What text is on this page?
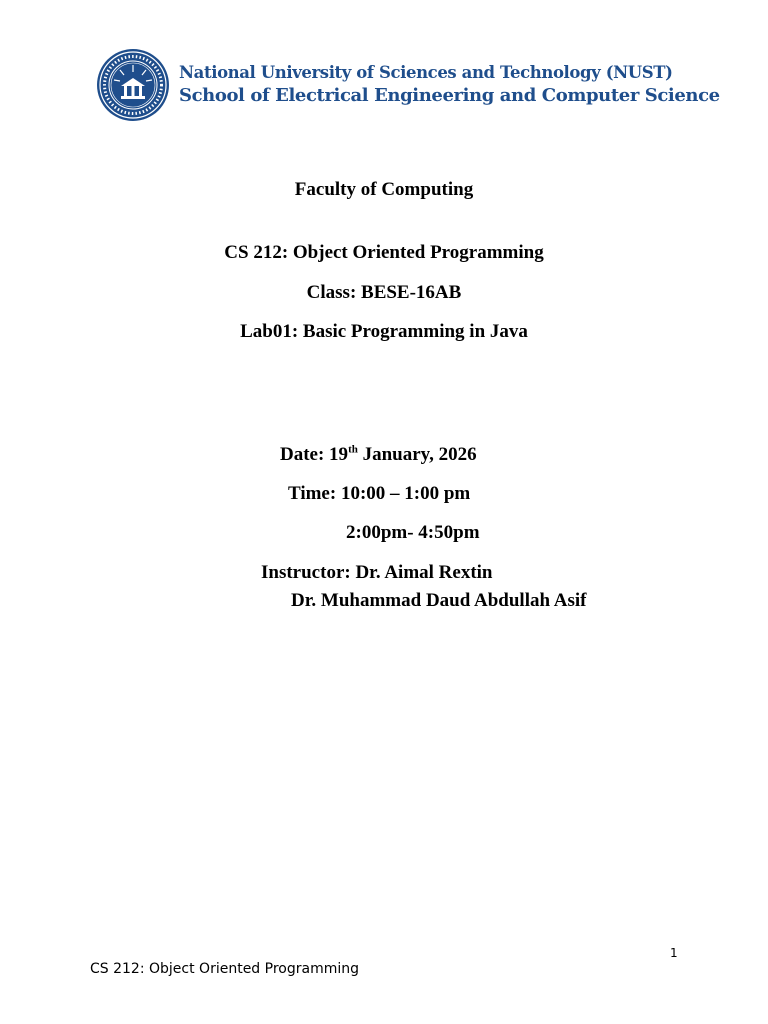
National University of Sciences and Technology (NUST)
School of Electrical Engineering and Computer Science
Faculty of Computing
CS 212: Object Oriented Programming
Class: BESE-16AB
Lab01: Basic Programming in Java
Date: 19th January, 2026
Time: 10:00 – 1:00 pm
2:00pm- 4:50pm
Instructor: Dr. Aimal Rextin
Dr. Muhammad Daud Abdullah Asif
1
CS 212: Object Oriented Programming
